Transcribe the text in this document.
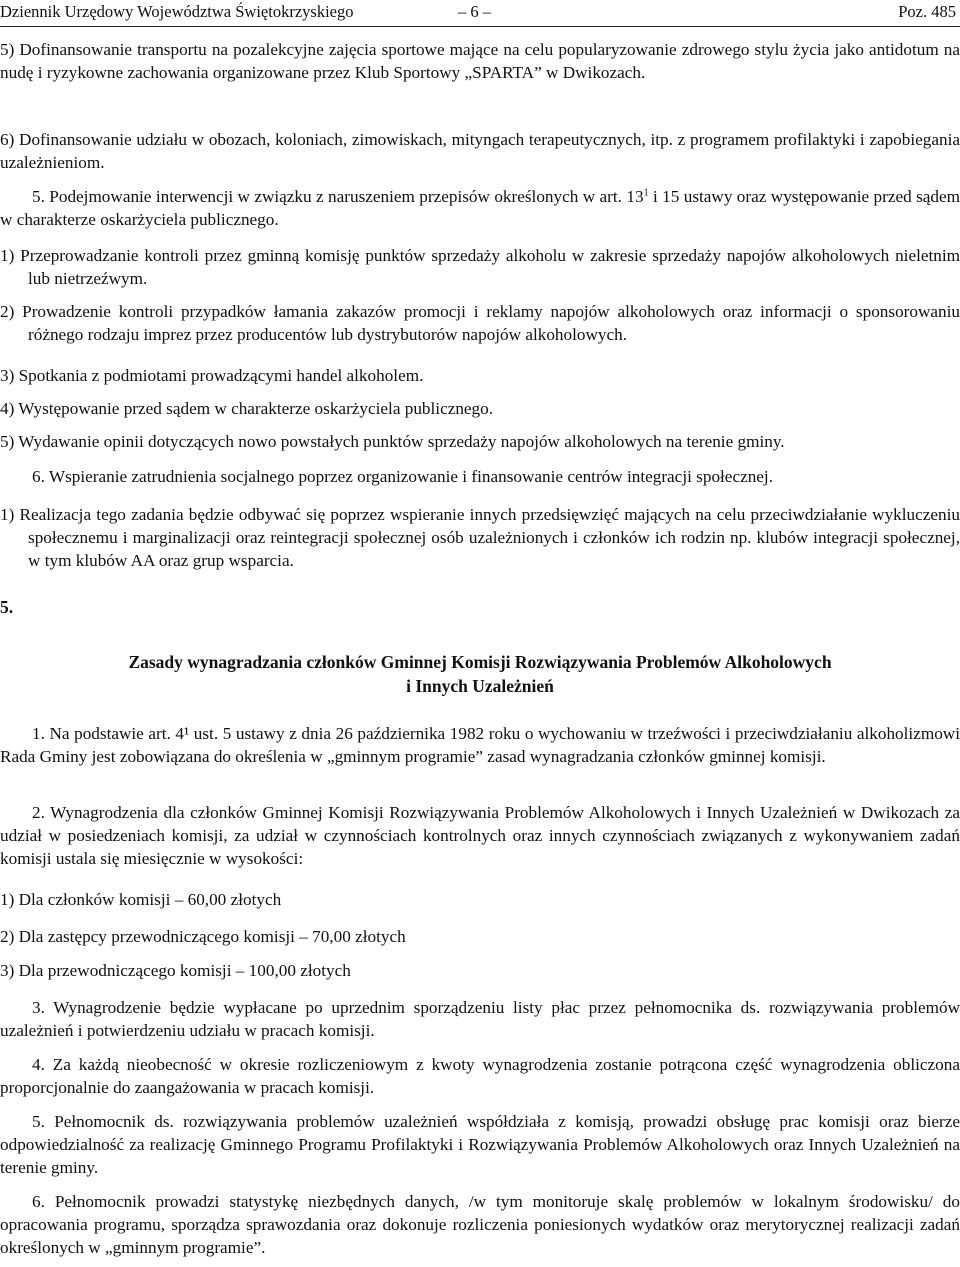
Dziennik Urzędowy Województwa Świętokrzyskiego	– 6 –	Poz. 485

5) Dofinansowanie transportu na pozalekcyjne zajęcia sportowe mające na celu popularyzowanie zdrowego stylu życia jako antidotum na nudę i ryzykowne zachowania organizowane przez Klub Sportowy „SPARTA” w Dwikozach.

6) Dofinansowanie udziału w obozach, koloniach, zimowiskach, mityngach terapeutycznych, itp. z programem profilaktyki i zapobiegania uzależnieniom.

5. Podejmowanie interwencji w związku z naruszeniem przepisów określonych w art. $13^1$ i 15 ustawy oraz występowanie przed sądem w charakterze oskarżyciela publicznego.

1) Przeprowadzanie kontroli przez gminną komisję punktów sprzedaży alkoholu w zakresie sprzedaży napojów alkoholowych nieletnim lub nietrzeźwym.

2) Prowadzenie kontroli przypadków łamania zakazów promocji i reklamy napojów alkoholowych oraz informacji o sponsorowaniu różnego rodzaju imprez przez producentów lub dystrybutorów napojów alkoholowych.

3) Spotkania z podmiotami prowadzącymi handel alkoholem.

4) Występowanie przed sądem w charakterze oskarżyciela publicznego.

5) Wydawanie opinii dotyczących nowo powstałych punktów sprzedaży napojów alkoholowych na terenie gminy.

6. Wspieranie zatrudnienia socjalnego poprzez organizowanie i finansowanie centrów integracji społecznej.

1) Realizacja tego zadania będzie odbywać się poprzez wspieranie innych przedsięwzięć mających na celu przeciwdziałanie wykluczeniu społecznemu i marginalizacji oraz reintegracji społecznej osób uzależnionych i członków ich rodzin np. klubów integracji społecznej, w tym klubów AA oraz grup wsparcia.

5.
Zasady wynagradzania członków Gminnej Komisji Rozwiązywania Problemów Alkoholowych
i Innych Uzależnień

1. Na podstawie art. 4¹ ust. 5 ustawy z dnia 26 października 1982 roku o wychowaniu w trzeźwości i przeciwdziałaniu alkoholizmowi Rada Gminy jest zobowiązana do określenia w „gminnym programie” zasad wynagradzania członków gminnej komisji.

2. Wynagrodzenia dla członków Gminnej Komisji Rozwiązywania Problemów Alkoholowych i Innych Uzależnień w Dwikozach za udział w posiedzeniach komisji, za udział w czynnościach kontrolnych oraz innych czynnościach związanych z wykonywaniem zadań komisji ustala się miesięcznie w wysokości:

1) Dla członków komisji – 60,00 złotych

2) Dla zastępcy przewodniczącego komisji – 70,00 złotych

3) Dla przewodniczącego komisji – 100,00 złotych

3. Wynagrodzenie będzie wypłacane po uprzednim sporządzeniu listy płac przez pełnomocnika ds. rozwiązywania problemów uzależnień i potwierdzeniu udziału w pracach komisji.

4. Za każdą nieobecność w okresie rozliczeniowym z kwoty wynagrodzenia zostanie potrącona część wynagrodzenia obliczona proporcjonalnie do zaangażowania w pracach komisji.

5. Pełnomocnik ds. rozwiązywania problemów uzależnień współdziała z komisją, prowadzi obsługę prac komisji oraz bierze odpowiedzialność za realizację Gminnego Programu Profilaktyki i Rozwiązywania Problemów Alkoholowych oraz Innych Uzależnień na terenie gminy.

6. Pełnomocnik prowadzi statystykę niezbędnych danych, /w tym monitoruje skalę problemów w lokalnym środowisku/ do opracowania programu, sporządza sprawozdania oraz dokonuje rozliczenia poniesionych wydatków oraz merytorycznej realizacji zadań określonych w „gminnym programie”.
